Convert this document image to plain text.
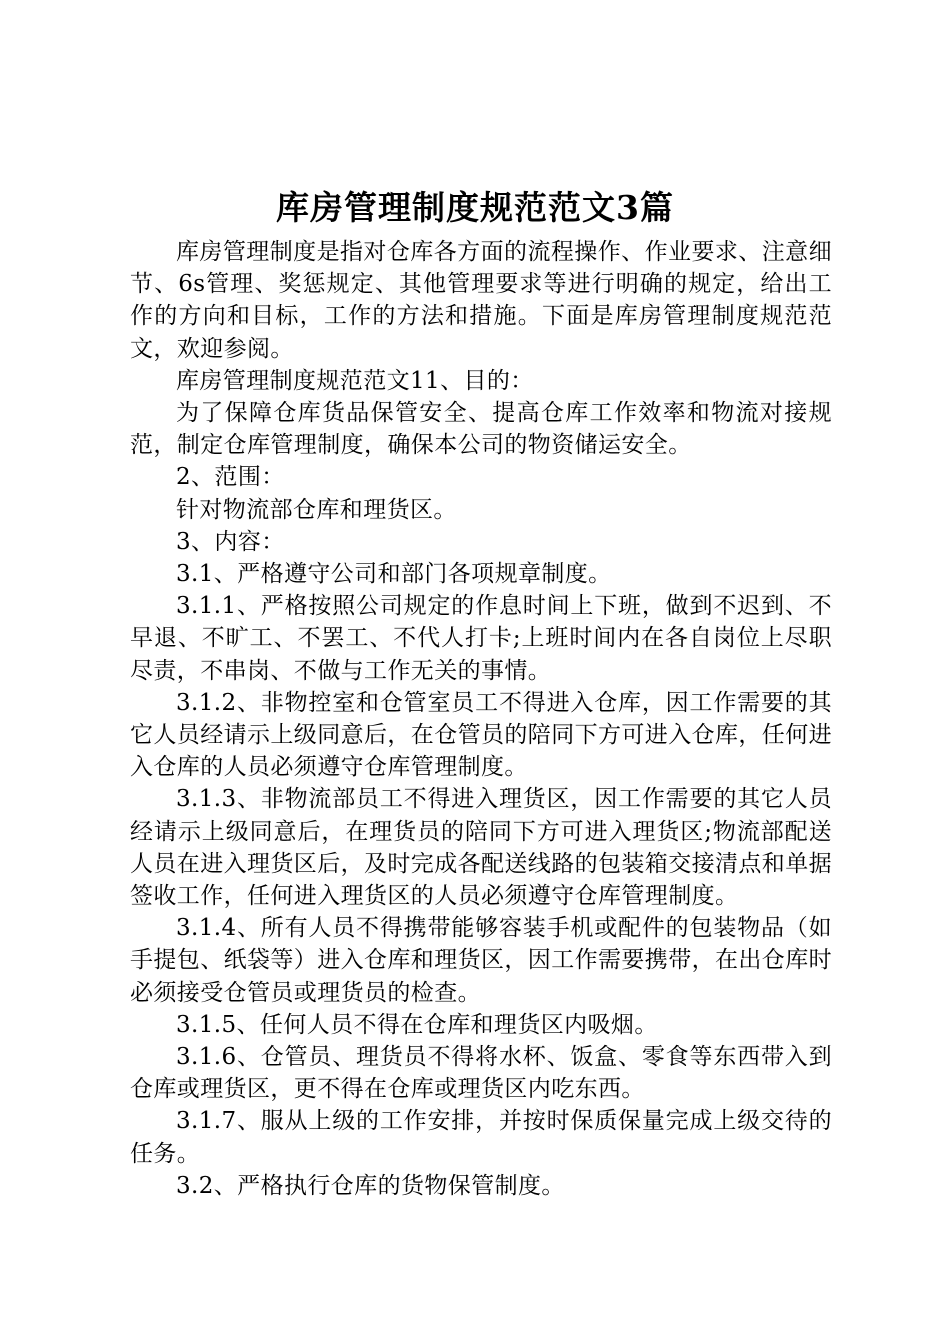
库房管理制度规范范文3篇

库房管理制度是指对仓库各方面的流程操作、作业要求、注意细节、6s管理、奖惩规定、其他管理要求等进行明确的规定，给出工作的方向和目标，工作的方法和措施。下面是库房管理制度规范范文，欢迎参阅。

库房管理制度规范范文11、目的：

为了保障仓库货品保管安全、提高仓库工作效率和物流对接规范，制定仓库管理制度，确保本公司的物资储运安全。

2、范围：

针对物流部仓库和理货区。

3、内容：

3.1、严格遵守公司和部门各项规章制度。

3.1.1、严格按照公司规定的作息时间上下班，做到不迟到、不早退、不旷工、不罢工、不代人打卡;上班时间内在各自岗位上尽职尽责，不串岗、不做与工作无关的事情。

3.1.2、非物控室和仓管室员工不得进入仓库，因工作需要的其它人员经请示上级同意后，在仓管员的陪同下方可进入仓库，任何进入仓库的人员必须遵守仓库管理制度。

3.1.3、非物流部员工不得进入理货区，因工作需要的其它人员经请示上级同意后，在理货员的陪同下方可进入理货区;物流部配送人员在进入理货区后，及时完成各配送线路的包装箱交接清点和单据签收工作，任何进入理货区的人员必须遵守仓库管理制度。

3.1.4、所有人员不得携带能够容装手机或配件的包装物品（如手提包、纸袋等）进入仓库和理货区，因工作需要携带，在出仓库时必须接受仓管员或理货员的检查。

3.1.5、任何人员不得在仓库和理货区内吸烟。

3.1.6、仓管员、理货员不得将水杯、饭盒、零食等东西带入到仓库或理货区，更不得在仓库或理货区内吃东西。

3.1.7、服从上级的工作安排，并按时保质保量完成上级交待的任务。

3.2、严格执行仓库的货物保管制度。
